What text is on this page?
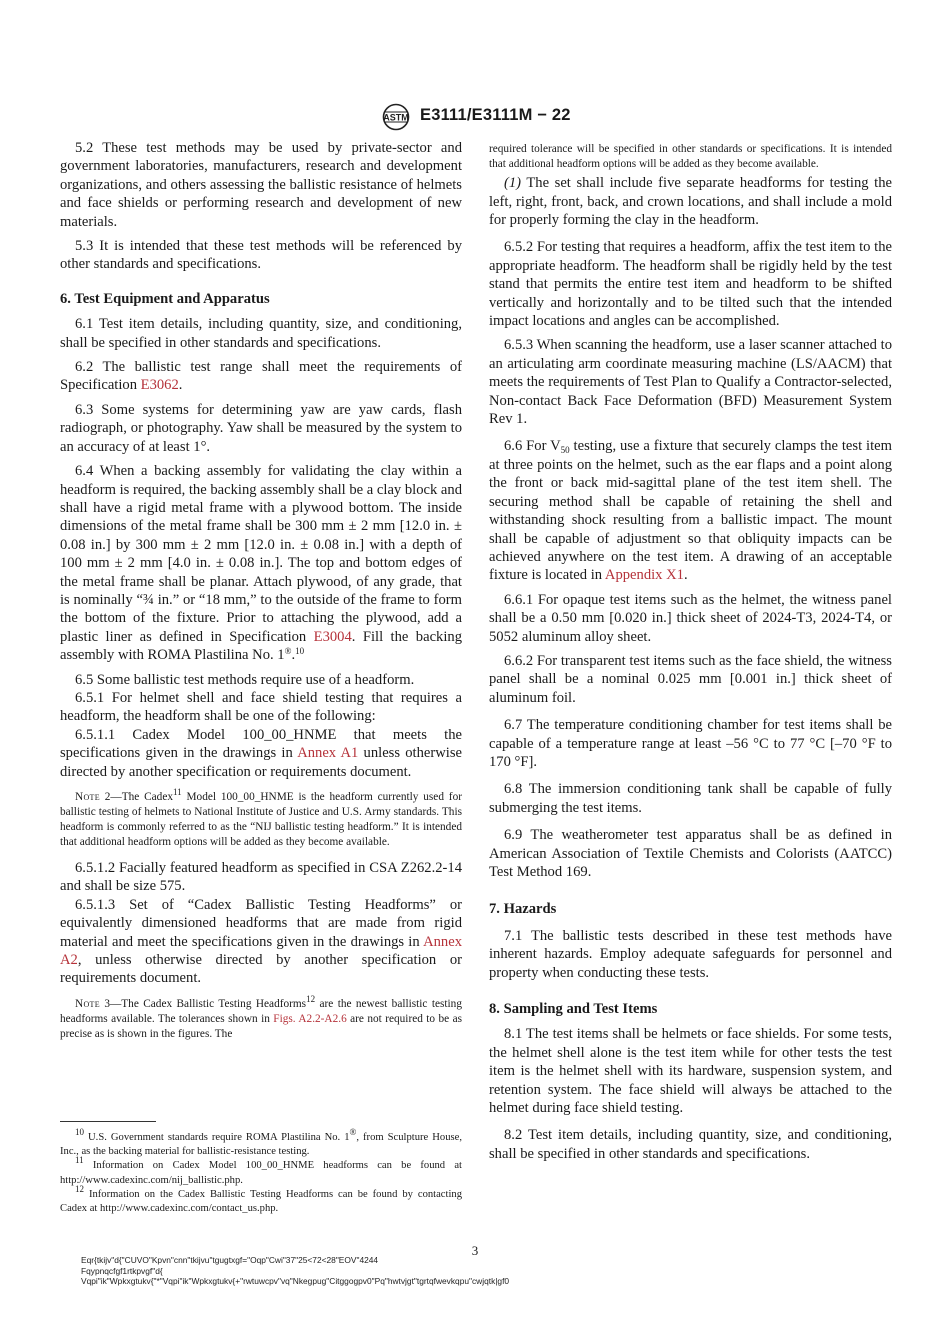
ASTM E3111/E3111M − 22

5.2 These test methods may be used by private-sector and government laboratories, manufacturers, research and development organizations, and others assessing the ballistic resistance of helmets and face shields or performing research and development of new materials.

5.3 It is intended that these test methods will be referenced by other standards and specifications.

6. Test Equipment and Apparatus

6.1 Test item details, including quantity, size, and conditioning, shall be specified in other standards and specifications.

6.2 The ballistic test range shall meet the requirements of Specification E3062.

6.3 Some systems for determining yaw are yaw cards, flash radiograph, or photography. Yaw shall be measured by the system to an accuracy of at least 1°.

6.4 When a backing assembly for validating the clay within a headform is required, the backing assembly shall be a clay block and shall have a rigid metal frame with a plywood bottom. The inside dimensions of the metal frame shall be 300 mm ± 2 mm [12.0 in. ± 0.08 in.] by 300 mm ± 2 mm [12.0 in. ± 0.08 in.] with a depth of 100 mm ± 2 mm [4.0 in. ± 0.08 in.]. The top and bottom edges of the metal frame shall be planar. Attach plywood, of any grade, that is nominally “¾ in.” or “18 mm,” to the outside of the frame to form the bottom of the fixture. Prior to attaching the plywood, add a plastic liner as defined in Specification E3004. Fill the backing assembly with ROMA Plastilina No. 1®.$^{10}$

6.5 Some ballistic test methods require use of a headform.

6.5.1 For helmet shell and face shield testing that requires a headform, the headform shall be one of the following:

6.5.1.1 Cadex Model 100_00_HNME that meets the specifications given in the drawings in Annex A1 unless otherwise directed by another specification or requirements document.

Note 2—The Cadex$^{11}$ Model 100_00_HNME is the headform currently used for ballistic testing of helmets to National Institute of Justice and U.S. Army standards. This headform is commonly referred to as the “NIJ ballistic testing headform.” It is intended that additional headform options will be added as they become available.

6.5.1.2 Facially featured headform as specified in CSA Z262.2-14 and shall be size 575.

6.5.1.3 Set of “Cadex Ballistic Testing Headforms” or equivalently dimensioned headforms that are made from rigid material and meet the specifications given in the drawings in Annex A2, unless otherwise directed by another specification or requirements document.

Note 3—The Cadex Ballistic Testing Headforms$^{12}$ are the newest ballistic testing headforms available. The tolerances shown in Figs. A2.2-A2.6 are not required to be as precise as is shown in the figures. The

required tolerance will be specified in other standards or specifications. It is intended that additional headform options will be added as they become available.

(1) The set shall include five separate headforms for testing the left, right, front, back, and crown locations, and shall include a mold for properly forming the clay in the headform.

6.5.2 For testing that requires a headform, affix the test item to the appropriate headform. The headform shall be rigidly held by the test stand that permits the entire test item and headform to be shifted vertically and horizontally and to be tilted such that the intended impact locations and angles can be accomplished.

6.5.3 When scanning the headform, use a laser scanner attached to an articulating arm coordinate measuring machine (LS/AACM) that meets the requirements of Test Plan to Qualify a Contractor-selected, Non-contact Back Face Deformation (BFD) Measurement System Rev 1.

6.6 For $V_{50}$ testing, use a fixture that securely clamps the test item at three points on the helmet, such as the ear flaps and a point along the front or back mid-sagittal plane of the test item shell. The securing method shall be capable of retaining the shell and withstanding shock resulting from a ballistic impact. The mount shall be capable of adjustment so that obliquity impacts can be achieved anywhere on the test item. A drawing of an acceptable fixture is located in Appendix X1.

6.6.1 For opaque test items such as the helmet, the witness panel shall be a 0.50 mm [0.020 in.] thick sheet of 2024-T3, 2024-T4, or 5052 aluminum alloy sheet.

6.6.2 For transparent test items such as the face shield, the witness panel shall be a nominal 0.025 mm [0.001 in.] thick sheet of aluminum foil.

6.7 The temperature conditioning chamber for test items shall be capable of a temperature range at least –56 °C to 77 °C [–70 °F to 170 °F].

6.8 The immersion conditioning tank shall be capable of fully submerging the test items.

6.9 The weatherometer test apparatus shall be as defined in American Association of Textile Chemists and Colorists (AATCC) Test Method 169.

7. Hazards

7.1 The ballistic tests described in these test methods have inherent hazards. Employ adequate safeguards for personnel and property when conducting these tests.

8. Sampling and Test Items

8.1 The test items shall be helmets or face shields. For some tests, the helmet shell alone is the test item while for other tests the test item is the helmet shell with its hardware, suspension system, and retention system. The face shield will always be attached to the helmet during face shield testing.

8.2 Test item details, including quantity, size, and conditioning, shall be specified in other standards and specifications.

$^{10}$ U.S. Government standards require ROMA Plastilina No. 1®, from Sculpture House, Inc., as the backing material for ballistic-resistance testing.

$^{11}$ Information on Cadex Model 100_00_HNME headforms can be found at http://www.cadexinc.com/nij_ballistic.php.

$^{12}$ Information on the Cadex Ballistic Testing Headforms can be found by contacting Cadex at http://www.cadexinc.com/contact_us.php.

3
Eqr{tkijv"d{"CUVO"Kpvn"cnn"tkijvu"tgugtxgf="Oqp"Cwi"37"25<72<28"EOV"4244
Fqypnqcfgf1rtkpvgf"d{
Vqpi"ik"Wpkxgtukv{"*"Vqpi"ik"Wpkxgtukv{+"rwtuwcpv"vq"Nkegpug"Citggogpv0"Pq"hwtvjgt"tgrtqfwevkqpu"cwjqtk|gf0
